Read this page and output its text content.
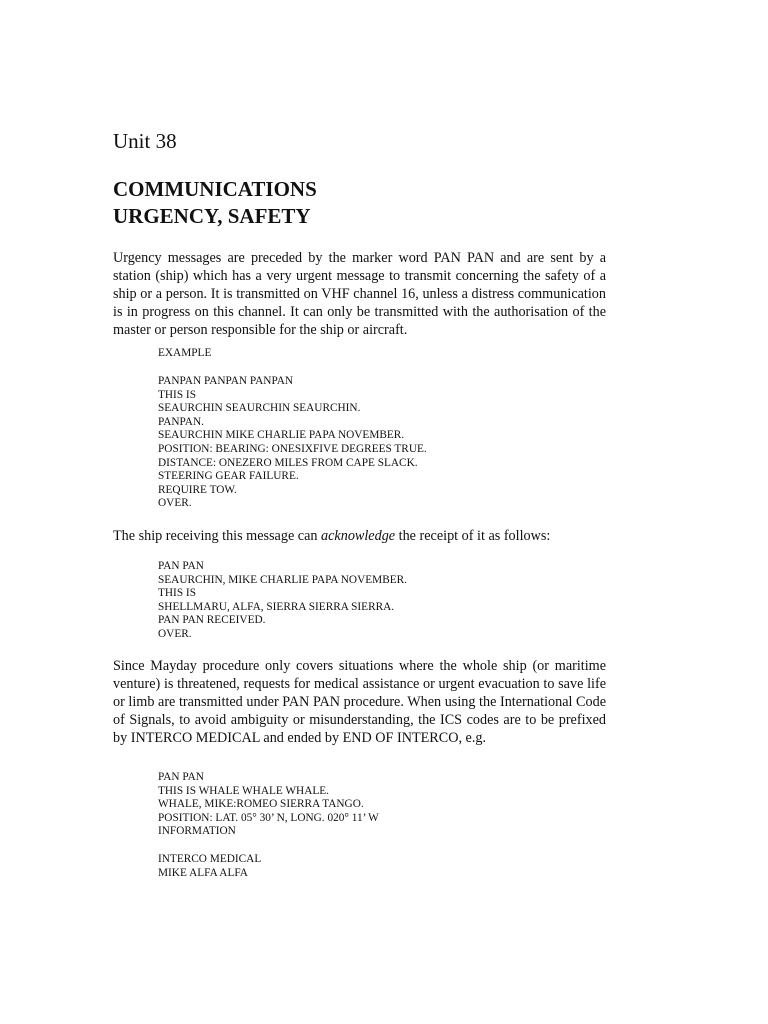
Unit 38
COMMUNICATIONS
URGENCY, SAFETY

Urgency messages are preceded by the marker word PAN PAN and are sent by a station (ship) which has a very urgent message to transmit concerning the safety of a ship or a person. It is transmitted on VHF channel 16, unless a distress communication is in progress on this channel. It can only be transmitted with the authorisation of the master or person responsible for the ship or aircraft.

EXAMPLE
PANPAN PANPAN PANPAN
THIS IS
SEAURCHIN SEAURCHIN SEAURCHIN.
PANPAN.
SEAURCHIN MIKE CHARLIE PAPA NOVEMBER.
POSITION: BEARING: ONESIXFIVE DEGREES TRUE.
DISTANCE: ONEZERO MILES FROM CAPE SLACK.
STEERING GEAR FAILURE.
REQUIRE TOW.
OVER.

The ship receiving this message can acknowledge the receipt of it as follows:

PAN PAN
SEAURCHIN, MIKE CHARLIE PAPA NOVEMBER.
THIS IS
SHELLMARU, ALFA, SIERRA SIERRA SIERRA.
PAN PAN RECEIVED.
OVER.

Since Mayday procedure only covers situations where the whole ship (or maritime venture) is threatened, requests for medical assistance or urgent evacuation to save life or limb are transmitted under PAN PAN procedure. When using the International Code of Signals, to avoid ambiguity or misunderstanding, the ICS codes are to be prefixed by INTERCO MEDICAL and ended by END OF INTERCO, e.g.

PAN PAN
THIS IS WHALE WHALE WHALE.
WHALE, MIKE:ROMEO SIERRA TANGO.
POSITION: LAT. 05° 30’ N, LONG. 020° 11’ W
INFORMATION
INTERCO MEDICAL
MIKE ALFA ALFA
